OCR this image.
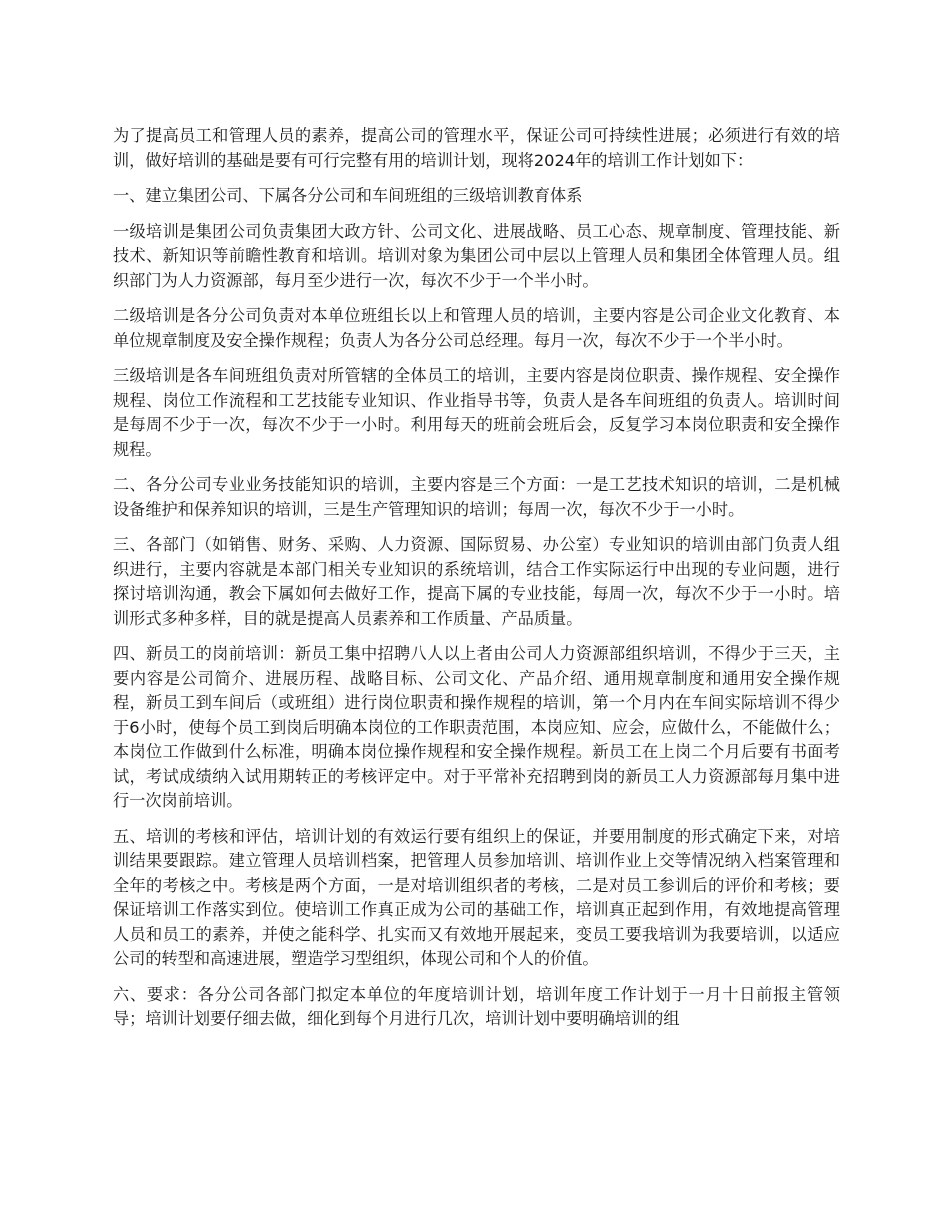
为了提高员工和管理人员的素养，提高公司的管理水平，保证公司可持续性进展；必须进行有效的培训，做好培训的基础是要有可行完整有用的培训计划，现将2024年的培训工作计划如下：

一、建立集团公司、下属各分公司和车间班组的三级培训教育体系

一级培训是集团公司负责集团大政方针、公司文化、进展战略、员工心态、规章制度、管理技能、新技术、新知识等前瞻性教育和培训。培训对象为集团公司中层以上管理人员和集团全体管理人员。组织部门为人力资源部，每月至少进行一次，每次不少于一个半小时。

二级培训是各分公司负责对本单位班组长以上和管理人员的培训，主要内容是公司企业文化教育、本单位规章制度及安全操作规程；负责人为各分公司总经理。每月一次，每次不少于一个半小时。

三级培训是各车间班组负责对所管辖的全体员工的培训，主要内容是岗位职责、操作规程、安全操作规程、岗位工作流程和工艺技能专业知识、作业指导书等，负责人是各车间班组的负责人。培训时间是每周不少于一次，每次不少于一小时。利用每天的班前会班后会，反复学习本岗位职责和安全操作规程。

二、各分公司专业业务技能知识的培训，主要内容是三个方面：一是工艺技术知识的培训，二是机械设备维护和保养知识的培训，三是生产管理知识的培训；每周一次，每次不少于一小时。

三、各部门（如销售、财务、采购、人力资源、国际贸易、办公室）专业知识的培训由部门负责人组织进行，主要内容就是本部门相关专业知识的系统培训，结合工作实际运行中出现的专业问题，进行探讨培训沟通，教会下属如何去做好工作，提高下属的专业技能，每周一次，每次不少于一小时。培训形式多种多样，目的就是提高人员素养和工作质量、产品质量。

四、新员工的岗前培训：新员工集中招聘八人以上者由公司人力资源部组织培训，不得少于三天，主要内容是公司简介、进展历程、战略目标、公司文化、产品介绍、通用规章制度和通用安全操作规程，新员工到车间后（或班组）进行岗位职责和操作规程的培训，第一个月内在车间实际培训不得少于6小时，使每个员工到岗后明确本岗位的工作职责范围，本岗应知、应会，应做什么，不能做什么；本岗位工作做到什么标准，明确本岗位操作规程和安全操作规程。新员工在上岗二个月后要有书面考试，考试成绩纳入试用期转正的考核评定中。对于平常补充招聘到岗的新员工人力资源部每月集中进行一次岗前培训。

五、培训的考核和评估，培训计划的有效运行要有组织上的保证，并要用制度的形式确定下来，对培训结果要跟踪。建立管理人员培训档案，把管理人员参加培训、培训作业上交等情况纳入档案管理和全年的考核之中。考核是两个方面，一是对培训组织者的考核，二是对员工参训后的评价和考核；要保证培训工作落实到位。使培训工作真正成为公司的基础工作，培训真正起到作用，有效地提高管理人员和员工的素养，并使之能科学、扎实而又有效地开展起来，变员工要我培训为我要培训，以适应公司的转型和高速进展，塑造学习型组织，体现公司和个人的价值。

六、要求：各分公司各部门拟定本单位的年度培训计划，培训年度工作计划于一月十日前报主管领导；培训计划要仔细去做，细化到每个月进行几次，培训计划中要明确培训的组
